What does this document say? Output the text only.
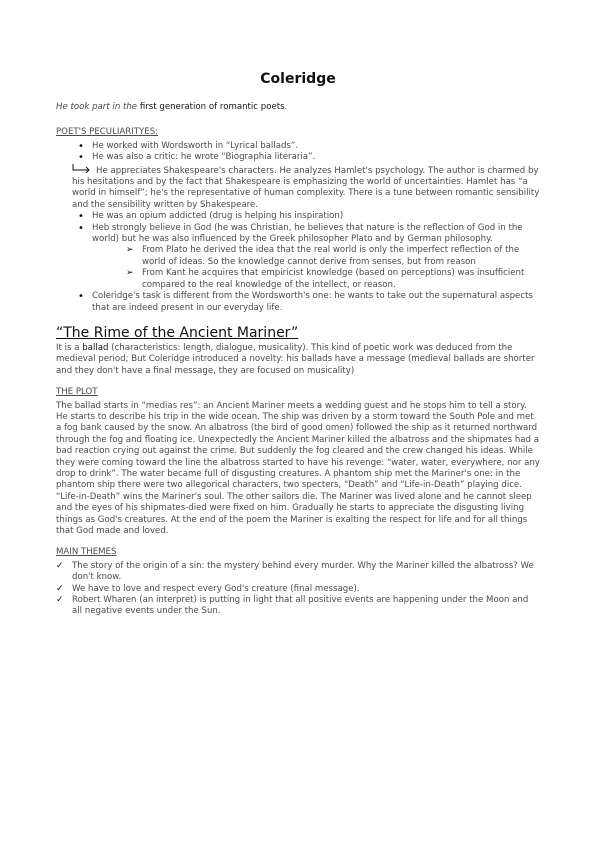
Coleridge

He took part in the first generation of romantic poets.

POET'S PECULIARITYES:
• He worked with Wordsworth in “Lyrical ballads”.
• He was also a critic: he wrote “Biographia literaria”.
He appreciates Shakespeare's characters. He analyzes Hamlet's psychology. The author is charmed by his hesitations and by the fact that Shakespeare is emphasizing the world of uncertainties. Hamlet has “a world in himself”; he's the representative of human complexity. There is a tune between romantic sensibility and the sensibility written by Shakespeare.
• He was an opium addicted (drug is helping his inspiration)
• Heb strongly believe in God (he was Christian, he believes that nature is the reflection of God in the world) but he was also influenced by the Greek philosopher Plato and by German philosophy.
➢ From Plato he derived the idea that the real world is only the imperfect reflection of the world of ideas. So the knowledge cannot derive from senses, but from reason
➢ From Kant he acquires that empiricist knowledge (based on perceptions) was insufficient compared to the real knowledge of the intellect, or reason.
• Coleridge's task is different from the Wordsworth's one: he wants to take out the supernatural aspects that are indeed present in our everyday life.
“The Rime of the Ancient Mariner”

It is a ballad (characteristics: length, dialogue, musicality). This kind of poetic work was deduced from the medieval period; But Coleridge introduced a novelty: his ballads have a message (medieval ballads are shorter and they don't have a final message, they are focused on musicality)

THE PLOT

The ballad starts in “medias res”: an Ancient Mariner meets a wedding guest and he stops him to tell a story. He starts to describe his trip in the wide ocean. The ship was driven by a storm toward the South Pole and met a fog bank caused by the snow. An albatross (the bird of good omen) followed the ship as it returned northward through the fog and floating ice. Unexpectedly the Ancient Mariner killed the albatross and the shipmates had a bad reaction crying out against the crime. But suddenly the fog cleared and the crew changed his ideas. While they were coming toward the line the albatross started to have his revenge: “water, water, everywhere, nor any drop to drink”. The water became full of disgusting creatures. A phantom ship met the Mariner's one: in the phantom ship there were two allegorical characters, two specters, “Death” and “Life-in-Death” playing dice. “Life-in-Death” wins the Mariner's soul. The other sailors die. The Mariner was lived alone and he cannot sleep and the eyes of his shipmates-died were fixed on him. Gradually he starts to appreciate the disgusting living things as God's creatures. At the end of the poem the Mariner is exalting the respect for life and for all things that God made and loved.

MAIN THEMES
✓ The story of the origin of a sin: the mystery behind every murder. Why the Mariner killed the albatross? We don't know.
✓ We have to love and respect every God's creature (final message).
✓ Robert Wharen (an interpret) is putting in light that all positive events are happening under the Moon and all negative events under the Sun.
